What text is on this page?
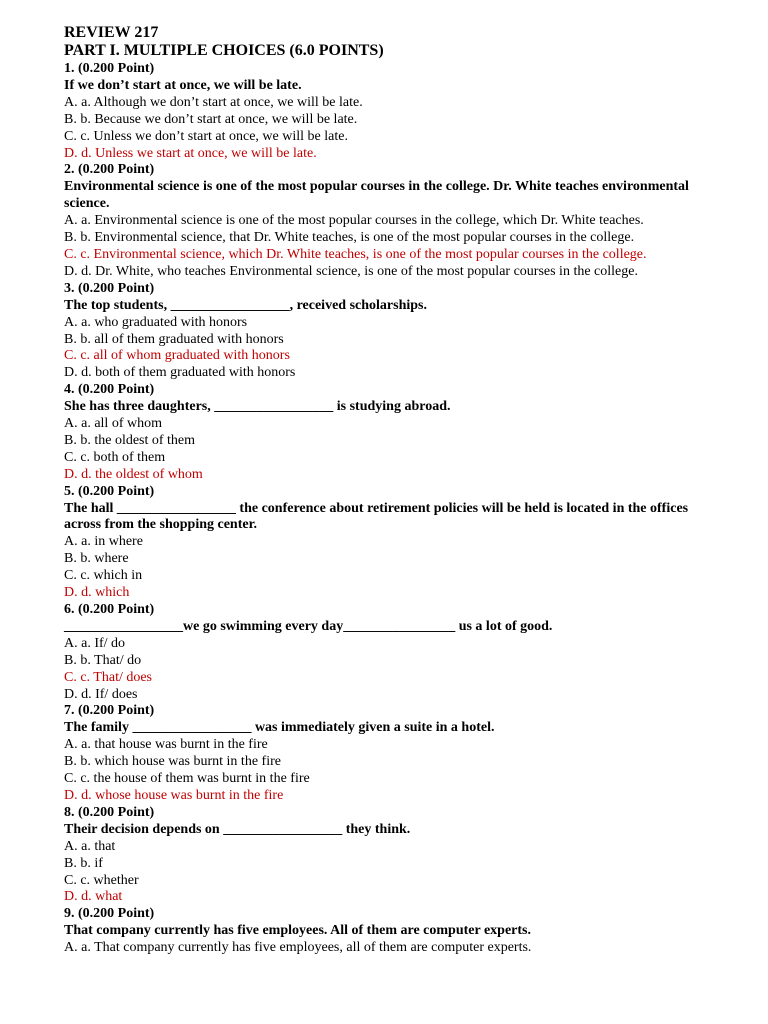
REVIEW 217
PART I. MULTIPLE CHOICES (6.0 POINTS)
1. (0.200 Point)
If we don’t start at once, we will be late.
A. a. Although we don’t start at once, we will be late.
B. b. Because we don’t start at once, we will be late.
C. c. Unless we don’t start at once, we will be late.
D. d. Unless we start at once, we will be late.
2. (0.200 Point)
Environmental science is one of the most popular courses in the college. Dr. White teaches environmental science.
A. a. Environmental science is one of the most popular courses in the college, which Dr. White teaches.
B. b. Environmental science, that Dr. White teaches, is one of the most popular courses in the college.
C. c. Environmental science, which Dr. White teaches, is one of the most popular courses in the college.
D. d. Dr. White, who teaches Environmental science, is one of the most popular courses in the college.
3. (0.200 Point)
The top students, _________________, received scholarships.
A. a. who graduated with honors
B. b. all of them graduated with honors
C. c. all of whom graduated with honors
D. d. both of them graduated with honors
4. (0.200 Point)
She has three daughters, _________________ is studying abroad.
A. a. all of whom
B. b. the oldest of them
C. c. both of them
D. d. the oldest of whom
5. (0.200 Point)
The hall _________________ the conference about retirement policies will be held is located in the offices across from the shopping center.
A. a. in where
B. b. where
C. c. which in
D. d. which
6. (0.200 Point)
_________________we go swimming every day________________ us a lot of good.
A. a. If/ do
B. b. That/ do
C. c. That/ does
D. d. If/ does
7. (0.200 Point)
The family _________________ was immediately given a suite in a hotel.
A. a. that house was burnt in the fire
B. b. which house was burnt in the fire
C. c. the house of them was burnt in the fire
D. d. whose house was burnt in the fire
8. (0.200 Point)
Their decision depends on _________________ they think.
A. a. that
B. b. if
C. c. whether
D. d. what
9. (0.200 Point)
That company currently has five employees. All of them are computer experts.
A. a. That company currently has five employees, all of them are computer experts.
